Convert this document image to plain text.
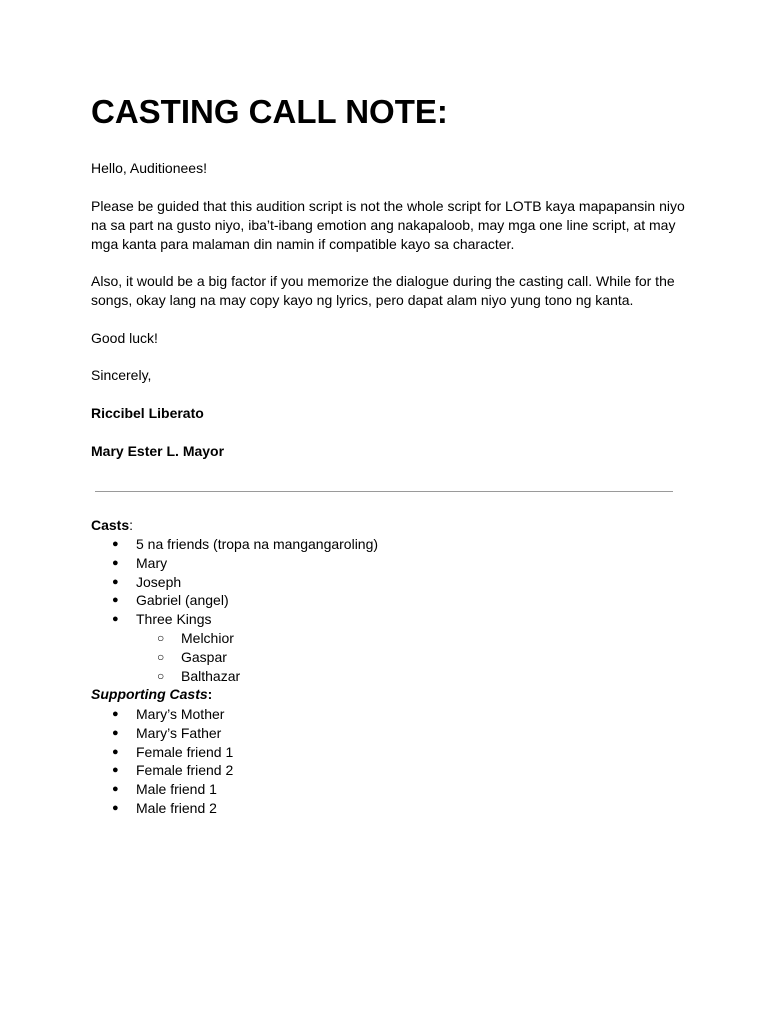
CASTING CALL NOTE:

Hello, Auditionees!

Please be guided that this audition script is not the whole script for LOTB kaya mapapansin niyo na sa part na gusto niyo, iba’t-ibang emotion ang nakapaloob, may mga one line script, at may mga kanta para malaman din namin if compatible kayo sa character.

Also, it would be a big factor if you memorize the dialogue during the casting call. While for the songs, okay lang na may copy kayo ng lyrics, pero dapat alam niyo yung tono ng kanta.

Good luck!

Sincerely,

Riccibel Liberato

Mary Ester L. Mayor

Casts:

● 5 na friends (tropa na mangangaroling)
● Mary
● Joseph
● Gabriel (angel)
● Three Kings
○ Melchior
○ Gaspar
○ Balthazar

Supporting Casts:

● Mary’s Mother
● Mary’s Father
● Female friend 1
● Female friend 2
● Male friend 1
● Male friend 2
